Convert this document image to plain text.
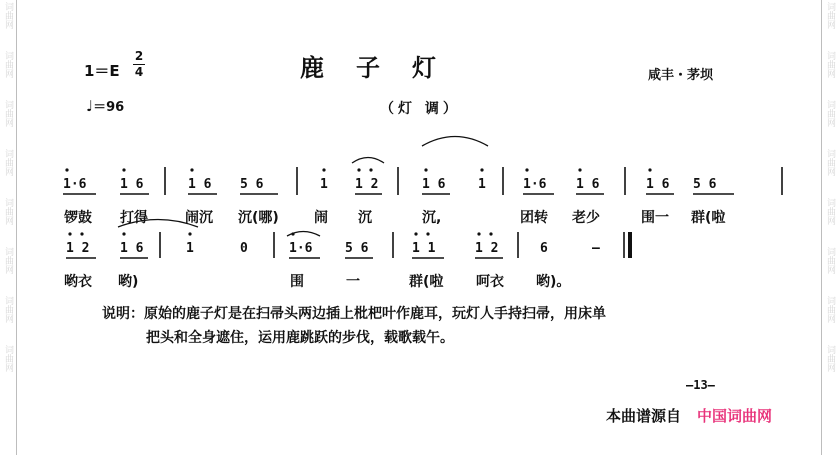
词曲网
词曲网
词曲网
词曲网
词曲网
词曲网
词曲网
词曲网
词曲网
词曲网
词曲网
词曲网
词曲网
词曲网
词曲网
词曲网
1＝E
2
4
♩＝96
鹿子灯
（灯 调）
咸丰・茅坝
1·6	1 6	1 6 5 6	1 1 2	1 6	1	1·6 1 6	1 6 5 6
锣鼓 打得	闹沉 沉(哪)	闹 沉	沉,	团转 老少	围一 群(啦
1 2 1 6	1	0	1·6	5 6	1 1	1 2	6	—
哟衣 哟)	围	一	群(啦 呵衣 哟)。
说明：原始的鹿子灯是在扫帚头两边插上枇杷叶作鹿耳，玩灯人手持扫帚，用床单
把头和全身遮住，运用鹿跳跃的步伐，载歌载午。
—13—
本曲谱源自 中国词曲网
